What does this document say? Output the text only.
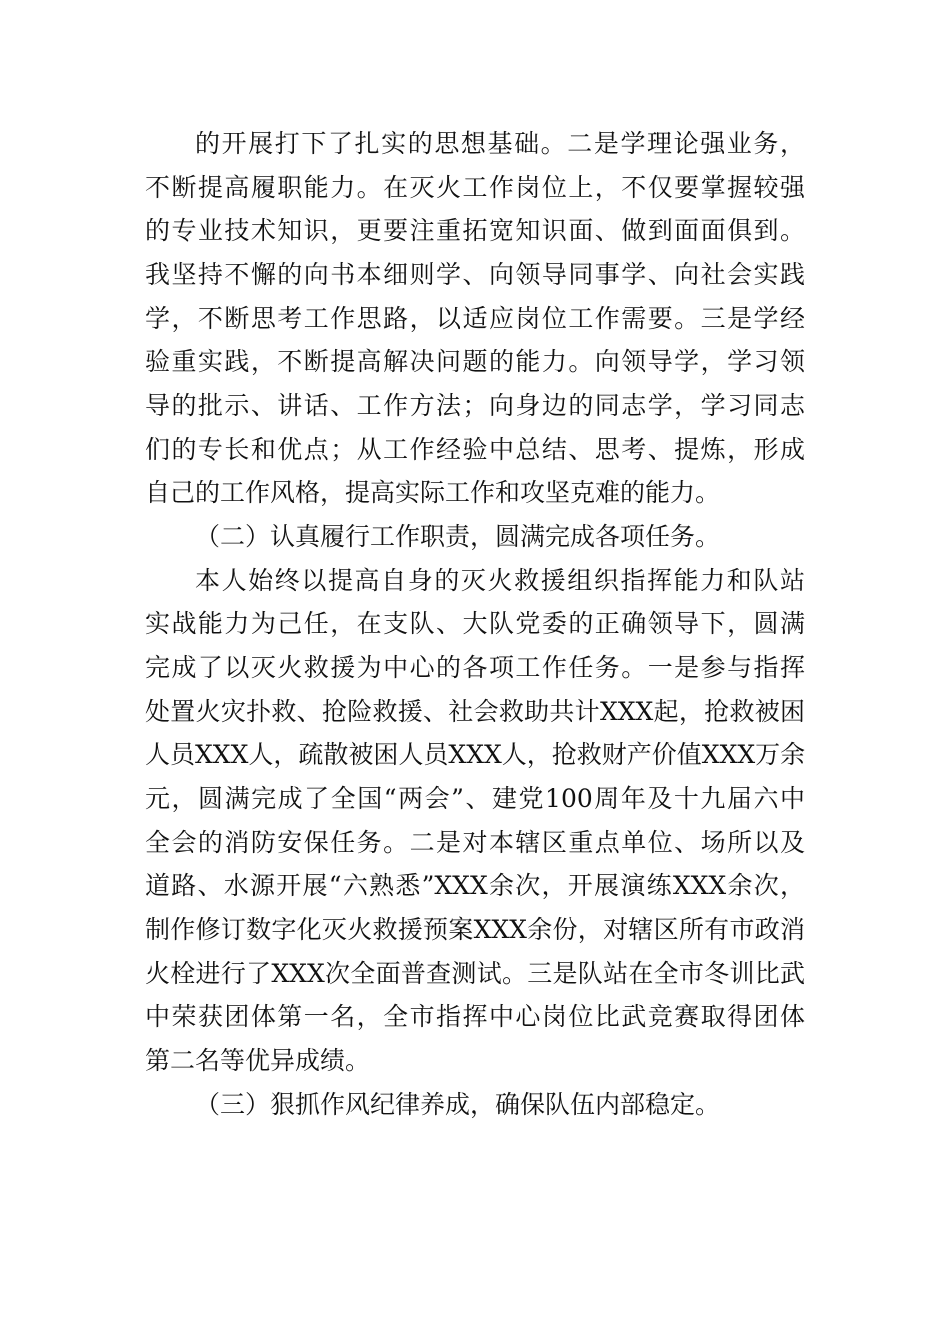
的开展打下了扎实的思想基础。二是学理论强业务，
不断提高履职能力。在灭火工作岗位上，不仅要掌握较强
的专业技术知识，更要注重拓宽知识面、做到面面俱到。
我坚持不懈的向书本细则学、向领导同事学、向社会实践
学，不断思考工作思路，以适应岗位工作需要。三是学经
验重实践，不断提高解决问题的能力。向领导学，学习领
导的批示、讲话、工作方法；向身边的同志学，学习同志
们的专长和优点；从工作经验中总结、思考、提炼，形成
自己的工作风格，提高实际工作和攻坚克难的能力。
（二）认真履行工作职责，圆满完成各项任务。
本人始终以提高自身的灭火救援组织指挥能力和队站
实战能力为己任，在支队、大队党委的正确领导下，圆满
完成了以灭火救援为中心的各项工作任务。一是参与指挥
处置火灾扑救、抢险救援、社会救助共计XXX起，抢救被困
人员XXX人，疏散被困人员XXX人，抢救财产价值XXX万余
元，圆满完成了全国“两会”、建党100周年及十九届六中
全会的消防安保任务。二是对本辖区重点单位、场所以及
道路、水源开展“六熟悉”XXX余次，开展演练XXX余次，
制作修订数字化灭火救援预案XXX余份，对辖区所有市政消
火栓进行了XXX次全面普查测试。三是队站在全市冬训比武
中荣获团体第一名，全市指挥中心岗位比武竞赛取得团体
第二名等优异成绩。
（三）狠抓作风纪律养成，确保队伍内部稳定。
